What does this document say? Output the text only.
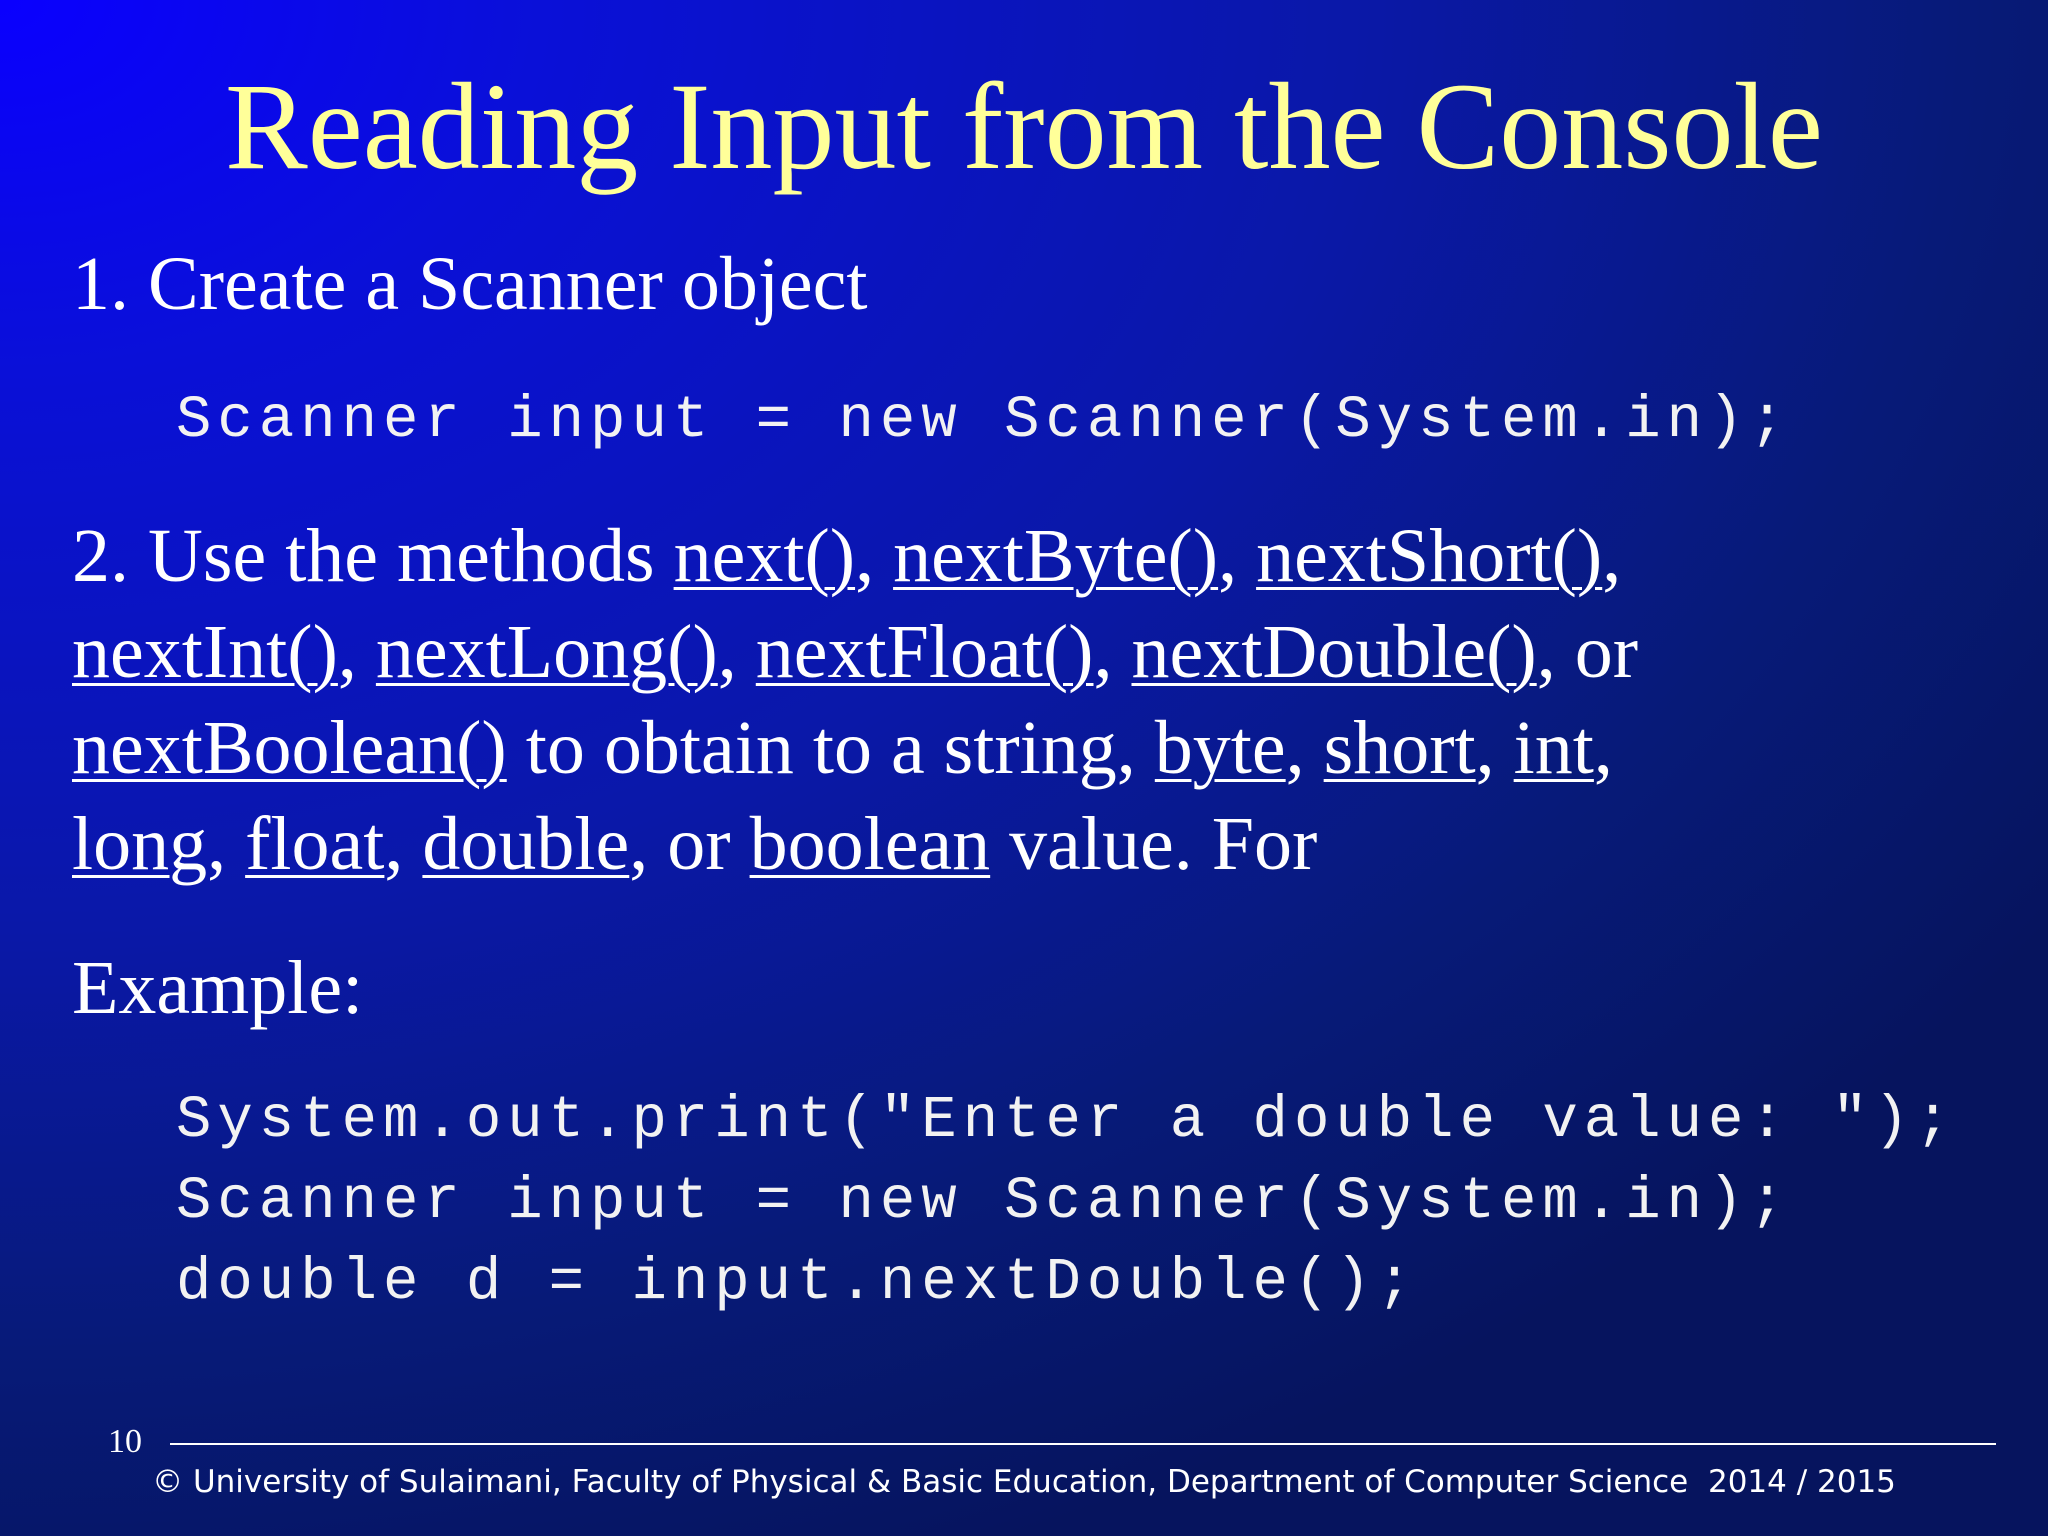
Reading Input from the Console

1. Create a Scanner object

Scanner input = new Scanner(System.in);
2. Use the methods next(), nextByte(), nextShort(),
nextInt(), nextLong(), nextFloat(), nextDouble(), or
nextBoolean() to obtain to a string, byte, short, int,
long, float, double, or boolean value. For

Example:

System.out.print("Enter a double value: ");
Scanner input = new Scanner(System.in);
double d = input.nextDouble();
10
© University of Sulaimani, Faculty of Physical & Basic Education, Department of Computer Science  2014 / 2015
